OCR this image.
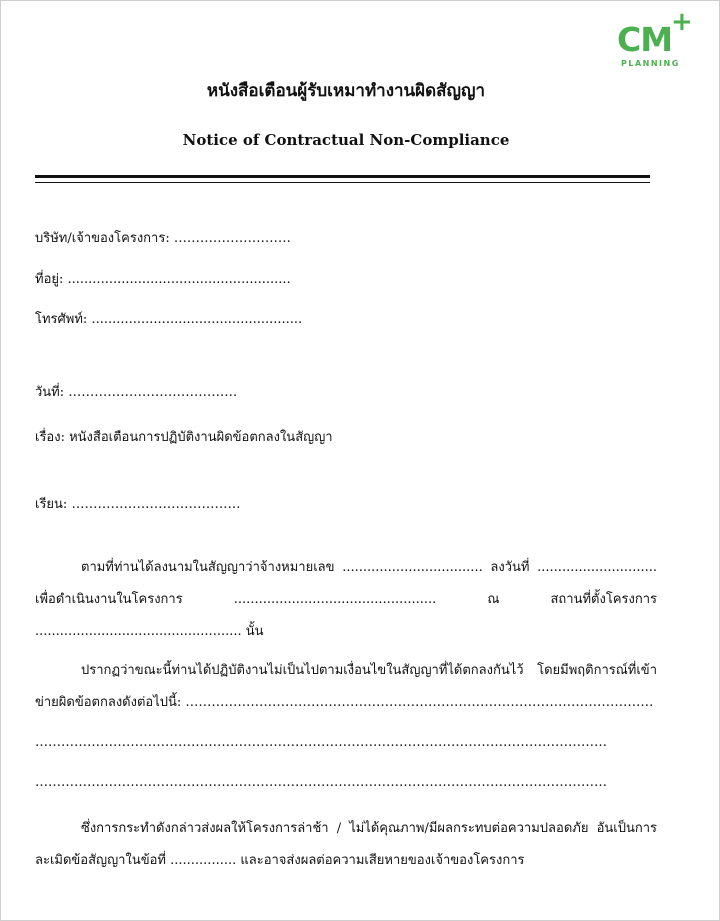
CM
+
PLANNING
หนังสือเตือนผู้รับเหมาทำงานผิดสัญญา
Notice of Contractual Non-Compliance
บริษัท/เจ้าของโครงการ: ………………………
ที่อยู่: ......................................................
โทรศัพท์: ...................................................
วันที่: …………………………………
เรื่อง: หนังสือเตือนการปฏิบัติงานผิดข้อตกลงในสัญญา
เรียน: …………………………………
ตามที่ท่านได้ลงนามในสัญญาว่าจ้างหมายเลข .................................. ลงวันที่ ............................. เพื่อดำเนินงานในโครงการ ................................................. ณ สถานที่ตั้งโครงการ .................................................. นั้น
ปรากฏว่าขณะนี้ท่านได้ปฏิบัติงานไม่เป็นไปตามเงื่อนไขในสัญญาที่ได้ตกลงกันไว้ โดยมีพฤติการณ์ที่เข้าข่ายผิดข้อตกลงดังต่อไปนี้: ………………………………………………………………………………………………
……………………………………………………………………………………………………………………
……………………………………………………………………………………………………………………
ซึ่งการกระทำดังกล่าวส่งผลให้โครงการล่าช้า / ไม่ได้คุณภาพ/มีผลกระทบต่อความปลอดภัย อันเป็นการละเมิดข้อสัญญาในข้อที่ ................ และอาจส่งผลต่อความเสียหายของเจ้าของโครงการ
